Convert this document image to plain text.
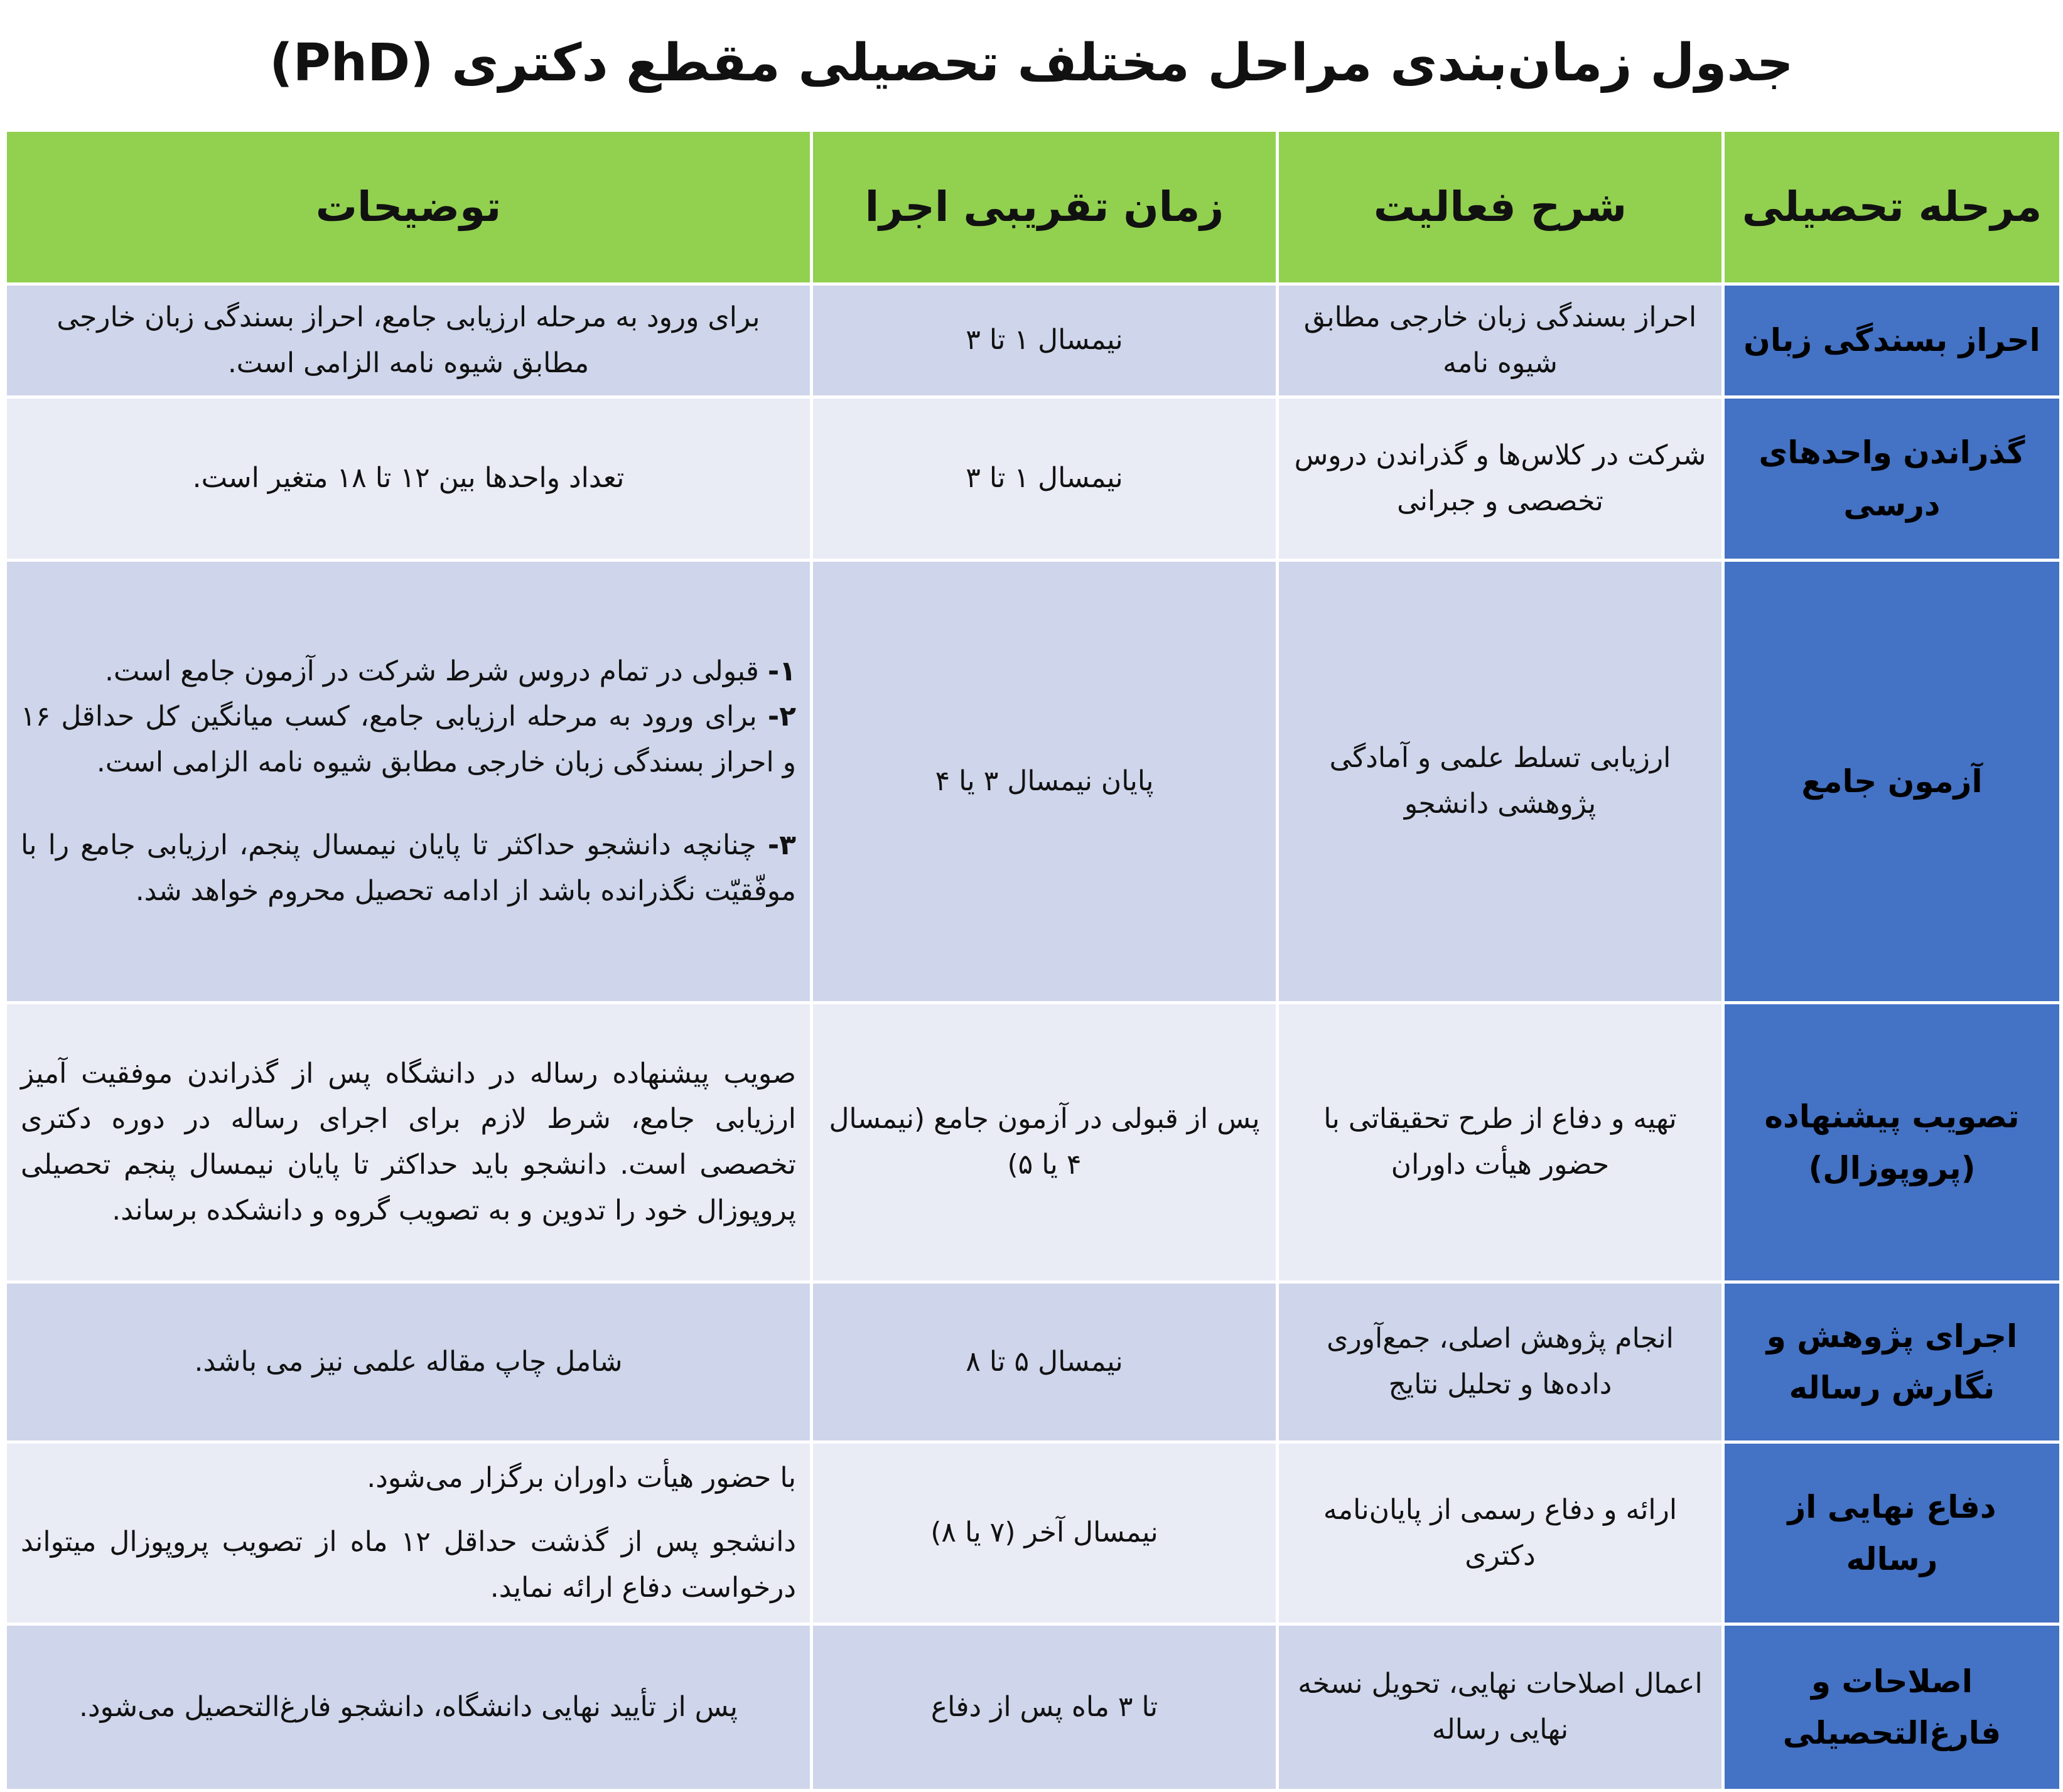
جدول زمان‌بندی مراحل مختلف تحصیلی مقطع دکتری (PhD)
مرحله تحصیلی	شرح فعالیت	زمان تقریبی اجرا	توضیحات
احراز بسندگی زبان	احراز بسندگی زبان خارجی مطابق شیوه نامه	نیمسال ۱ تا ۳	برای ورود به مرحله ارزیابی جامع، احراز بسندگی زبان خارجی مطابق شیوه نامه الزامی است.
گذراندن واحدهای درسی	شرکت در کلاس‌ها و گذراندن دروس تخصصی و جبرانی	نیمسال ۱ تا ۳	تعداد واحدها بین ۱۲ تا ۱۸ متغیر است.
آزمون جامع	ارزیابی تسلط علمی و آمادگی پژوهشی دانشجو	پایان نیمسال ۳ یا ۴	۱- قبولی در تمام دروس شرط شرکت در آزمون جامع است.
۲- برای ورود به مرحله ارزیابی جامع، کسب میانگین کل حداقل ۱۶ و احراز بسندگی زبان خارجی مطابق شیوه نامه الزامی است.
۳- چنانچه دانشجو حداکثر تا پایان نیمسال پنجم، ارزیابی جامع را با موفّقیّت نگذرانده باشد از ادامه تحصیل محروم خواهد شد.

تصویب پیشنهاده (پروپوزال)	تهیه و دفاع از طرح تحقیقاتی با حضور هیأت داوران	پس از قبولی در آزمون جامع (نیمسال ۴ یا ۵)	صویب پیشنهاده رساله در دانشگاه پس از گذراندن موفقیت آمیز ارزیابی جامع، شرط لازم برای اجرای رساله در دوره دکتری تخصصی است. دانشجو باید حداکثر تا پایان نیمسال پنجم تحصیلی پروپوزال خود را تدوین و به تصویب گروه و دانشکده برساند.
اجرای پژوهش و نگارش رساله	انجام پژوهش اصلی، جمع‌آوری داده‌ها و تحلیل نتایج	نیمسال ۵ تا ۸	شامل چاپ مقاله علمی نیز می باشد.
دفاع نهایی از رساله	ارائه و دفاع رسمی از پایان‌نامه دکتری	نیمسال آخر (۷ یا ۸)	با حضور هیأت داوران برگزار می‌شود.
دانشجو پس از گذشت حداقل ۱۲ ماه از تصویب پروپوزال میتواند درخواست دفاع ارائه نماید.

اصلاحات و فارغ‌التحصیلی	اعمال اصلاحات نهایی، تحویل نسخه نهایی رساله	تا ۳ ماه پس از دفاع	پس از تأیید نهایی دانشگاه، دانشجو فارغ‌التحصیل می‌شود.
